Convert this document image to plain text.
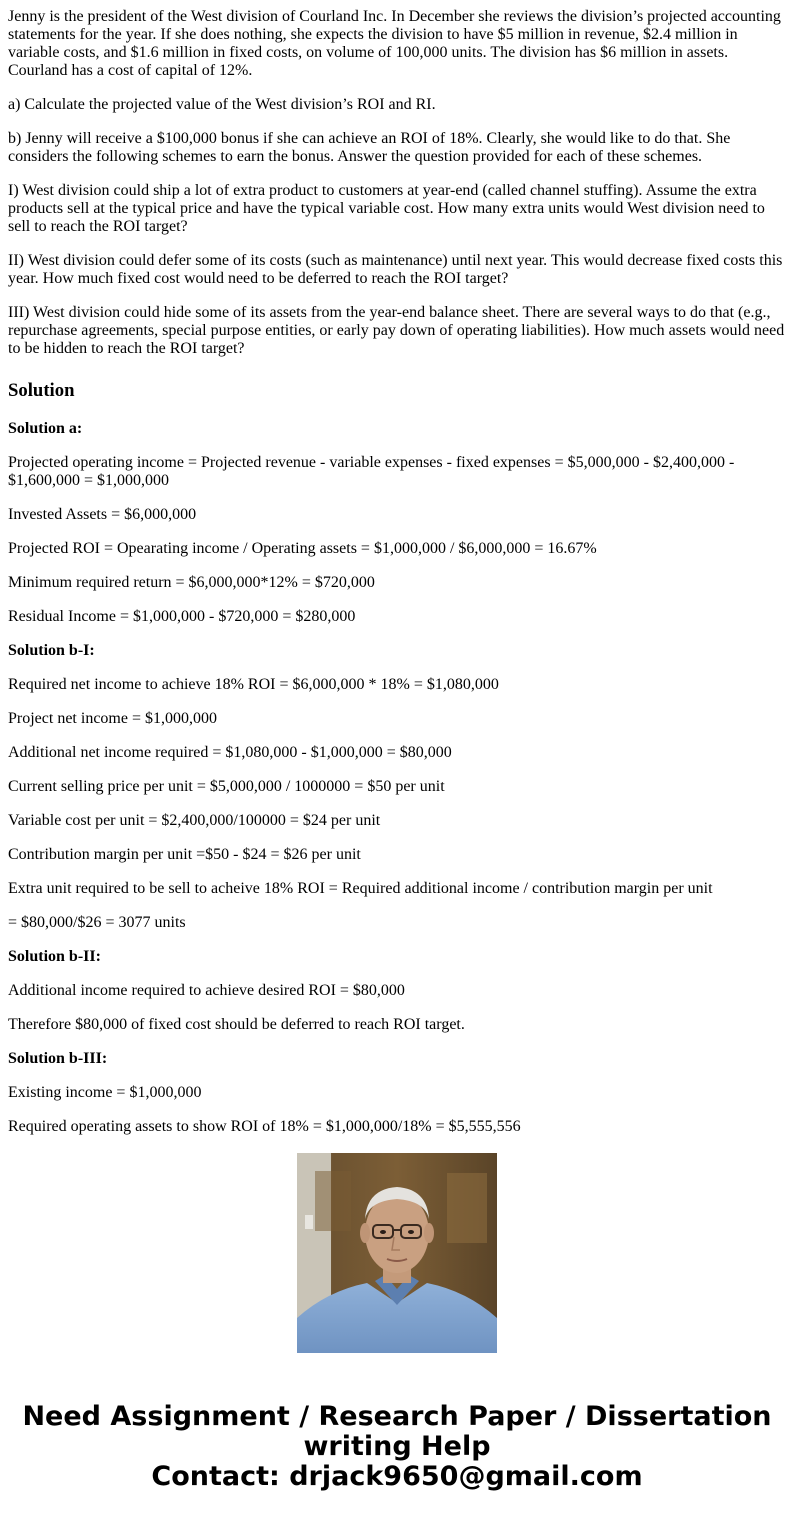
Jenny is the president of the West division of Courland Inc. In December she reviews the division’s projected accounting statements for the year. If she does nothing, she expects the division to have $5 million in revenue, $2.4 million in variable costs, and $1.6 million in fixed costs, on volume of 100,000 units. The division has $6 million in assets. Courland has a cost of capital of 12%.

a) Calculate the projected value of the West division’s ROI and RI.

b) Jenny will receive a $100,000 bonus if she can achieve an ROI of 18%. Clearly, she would like to do that. She considers the following schemes to earn the bonus. Answer the question provided for each of these schemes.

I) West division could ship a lot of extra product to customers at year-end (called channel stuffing). Assume the extra products sell at the typical price and have the typical variable cost. How many extra units would West division need to sell to reach the ROI target?

II) West division could defer some of its costs (such as maintenance) until next year. This would decrease fixed costs this year. How much fixed cost would need to be deferred to reach the ROI target?

III) West division could hide some of its assets from the year-end balance sheet. There are several ways to do that (e.g., repurchase agreements, special purpose entities, or early pay down of operating liabilities). How much assets would need to be hidden to reach the ROI target?

Solution

Solution a:

Projected operating income = Projected revenue - variable expenses - fixed expenses = $5,000,000 - $2,400,000 - $1,600,000 = $1,000,000

Invested Assets = $6,000,000

Projected ROI = Opearating income / Operating assets = $1,000,000 / $6,000,000 = 16.67%

Minimum required return = $6,000,000*12% = $720,000

Residual Income = $1,000,000 - $720,000 = $280,000

Solution b-I:

Required net income to achieve 18% ROI = $6,000,000 * 18% = $1,080,000

Project net income = $1,000,000

Additional net income required = $1,080,000 - $1,000,000 = $80,000

Current selling price per unit = $5,000,000 / 1000000 = $50 per unit

Variable cost per unit = $2,400,000/100000 = $24 per unit

Contribution margin per unit =$50 - $24 = $26 per unit

Extra unit required to be sell to acheive 18% ROI = Required additional income / contribution margin per unit

= $80,000/$26 = 3077 units

Solution b-II:

Additional income required to achieve desired ROI = $80,000

Therefore $80,000 of fixed cost should be deferred to reach ROI target.

Solution b-III:

Existing income = $1,000,000

Required operating assets to show ROI of 18% = $1,000,000/18% = $5,555,556

Need Assignment / Research Paper / Dissertation
writing Help
Contact: drjack9650@gmail.com
